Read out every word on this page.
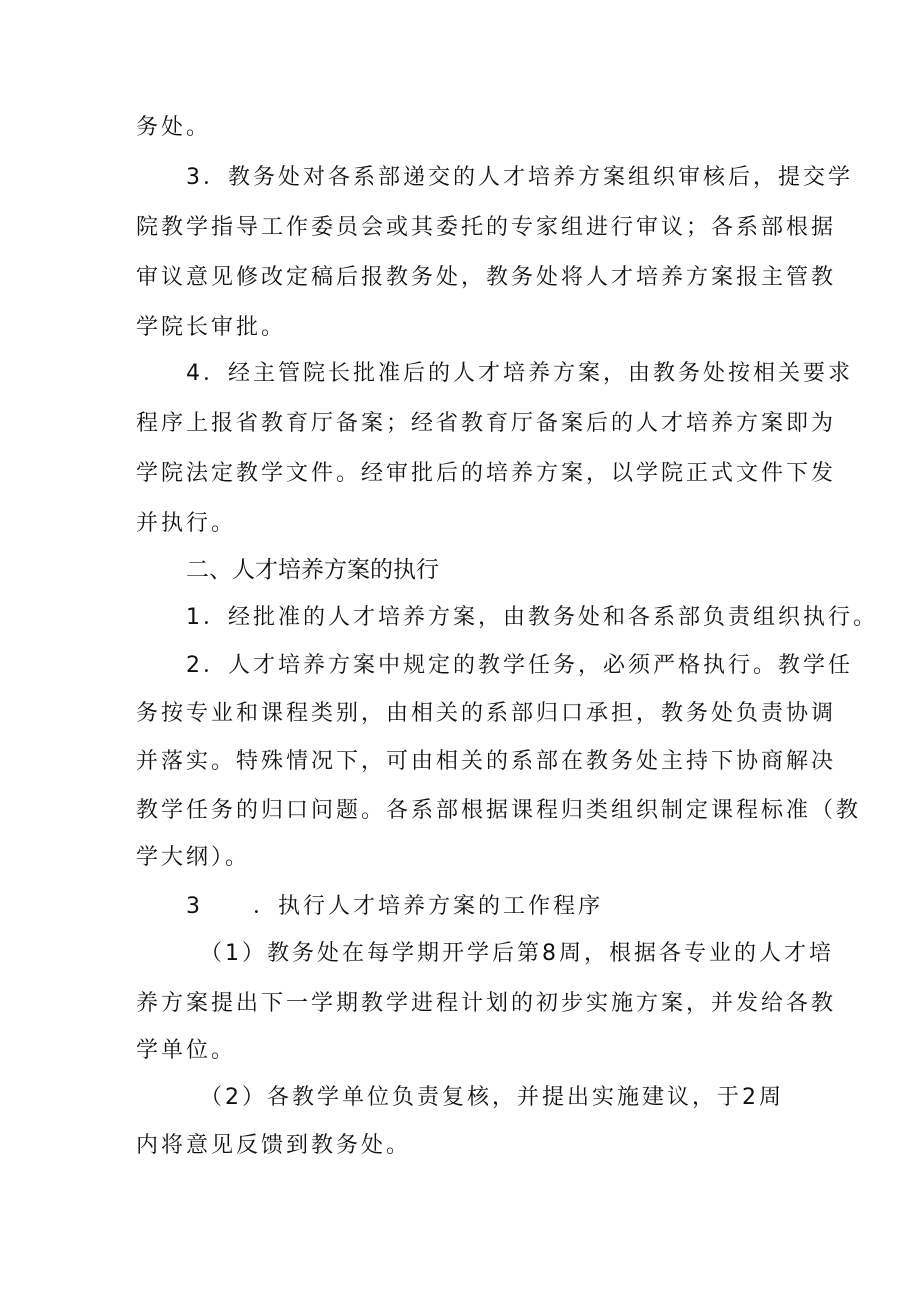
务处。
3．教务处对各系部递交的人才培养方案组织审核后，提交学
院教学指导工作委员会或其委托的专家组进行审议；各系部根据
审议意见修改定稿后报教务处，教务处将人才培养方案报主管教
学院长审批。
4．经主管院长批准后的人才培养方案，由教务处按相关要求
程序上报省教育厅备案；经省教育厅备案后的人才培养方案即为
学院法定教学文件。经审批后的培养方案，以学院正式文件下发
并执行。
二、人才培养方案的执行
1．经批准的人才培养方案，由教务处和各系部负责组织执行。
2．人才培养方案中规定的教学任务，必须严格执行。教学任
务按专业和课程类别，由相关的系部归口承担，教务处负责协调
并落实。特殊情况下，可由相关的系部在教务处主持下协商解决
教学任务的归口问题。各系部根据课程归类组织制定课程标准（教
学大纲）。
3　　．执行人才培养方案的工作程序
（1）教务处在每学期开学后第8周，根据各专业的人才培
养方案提出下一学期教学进程计划的初步实施方案，并发给各教
学单位。
（2）各教学单位负责复核，并提出实施建议，于2周
内将意见反馈到教务处。
